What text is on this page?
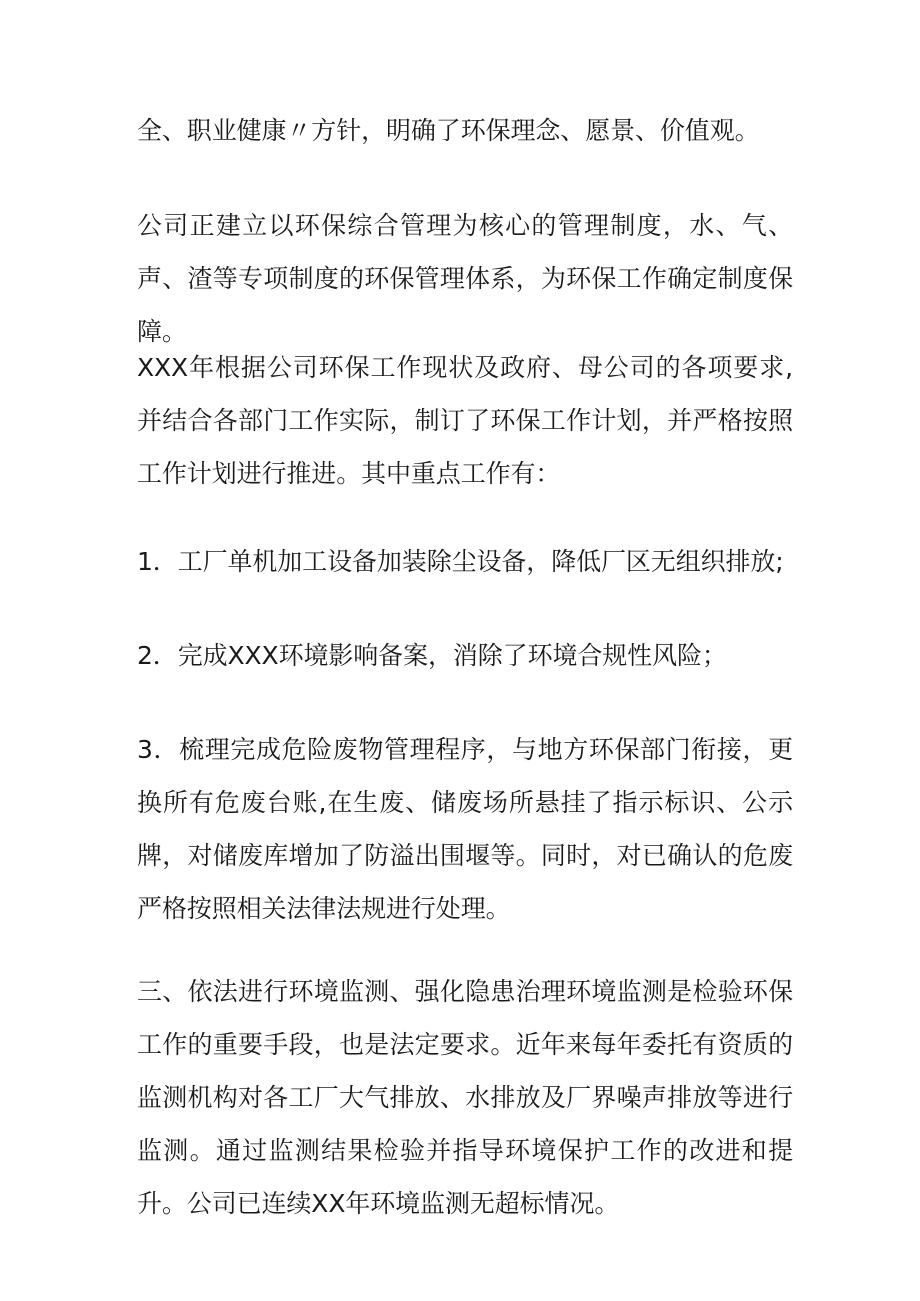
全、职业健康〃方针，明确了环保理念、愿景、价值观。

公司正建立以环保综合管理为核心的管理制度，水、气、声、渣等专项制度的环保管理体系，为环保工作确定制度保障。

XXX年根据公司环保工作现状及政府、母公司的各项要求,并结合各部门工作实际，制订了环保工作计划，并严格按照工作计划进行推进。其中重点工作有：

1．工厂单机加工设备加装除尘设备，降低厂区无组织排放;

2．完成XXX环境影响备案，消除了环境合规性风险；

3．梳理完成危险废物管理程序，与地方环保部门衔接，更换所有危废台账,在生废、储废场所悬挂了指示标识、公示牌，对储废库增加了防溢出围堰等。同时，对已确认的危废严格按照相关法律法规进行处理。

三、依法进行环境监测、强化隐患治理环境监测是检验环保工作的重要手段，也是法定要求。近年来每年委托有资质的监测机构对各工厂大气排放、水排放及厂界噪声排放等进行监测。通过监测结果检验并指导环境保护工作的改进和提升。公司已连续XX年环境监测无超标情况。
